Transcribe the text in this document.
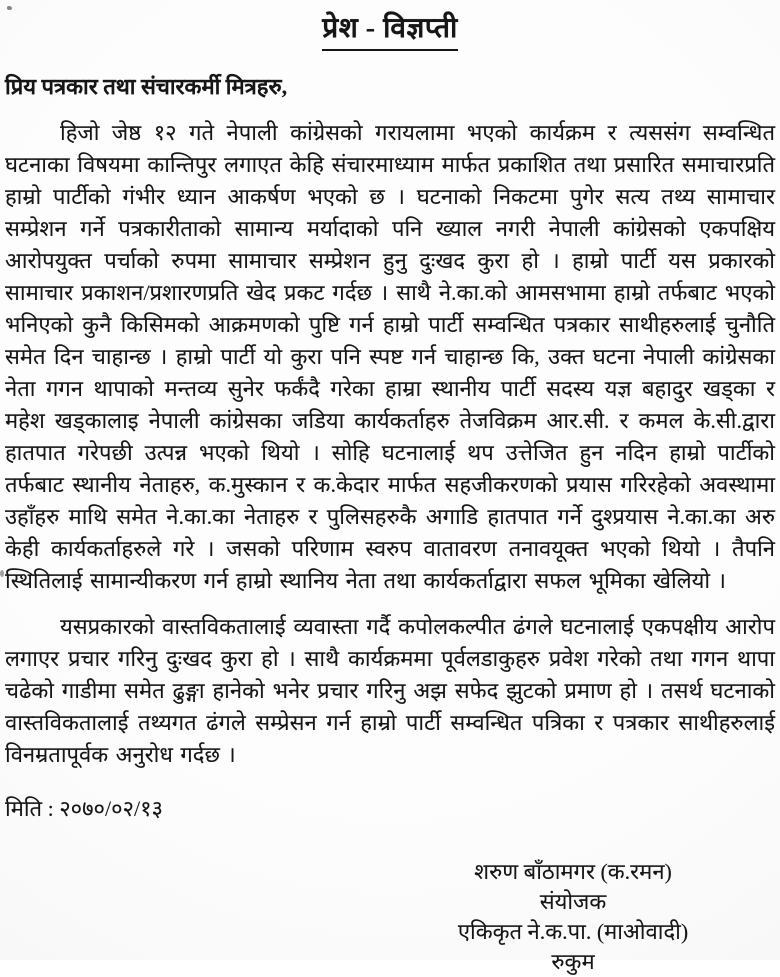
प्रेश - विज्ञप्ती
प्रिय पत्रकार तथा संचारकर्मी मित्रहरु,

हिजो जेष्ठ १२ गते नेपाली कांग्रेसको गरायलामा भएको कार्यक्रम र त्यससंग सम्वन्धित घटनाका विषयमा कान्तिपुर लगाएत केहि संचारमाध्याम मार्फत प्रकाशित तथा प्रसारित समाचारप्रति हाम्रो पार्टीको गंभीर ध्यान आकर्षण भएको छ । घटनाको निकटमा पुगेर सत्य तथ्य सामाचार सम्प्रेशन गर्ने पत्रकारीताको सामान्य मर्यादाको पनि ख्याल नगरी नेपाली कांग्रेसको एकपक्षिय आरोपयुक्त पर्चाको रुपमा सामाचार सम्प्रेशन हुनु दुःखद कुरा हो । हाम्रो पार्टी यस प्रकारको सामाचार प्रकाशन/प्रशारणप्रति खेद प्रकट गर्दछ । साथै ने.का.को आमसभामा हाम्रो तर्फबाट भएको भनिएको कुनै किसिमको आक्रमणको पुष्टि गर्न हाम्रो पार्टी सम्वन्धित पत्रकार साथीहरुलाई चुनौति समेत दिन चाहान्छ । हाम्रो पार्टी यो कुरा पनि स्पष्ट गर्न चाहान्छ कि, उक्त घटना नेपाली कांग्रेसका नेता गगन थापाको मन्तव्य सुनेर फर्कंदै गरेका हाम्रा स्थानीय पार्टी सदस्य यज्ञ बहादुर खड्का र महेश खड्कालाइ नेपाली कांग्रेसका जडिया कार्यकर्ताहरु तेजविक्रम आर.सी. र कमल के.सी.द्वारा हातपात गरेपछी उत्पन्न भएको थियो । सोहि घटनालाई थप उत्तेजित हुन नदिन हाम्रो पार्टीको तर्फबाट स्थानीय नेताहरु, क.मुस्कान र क.केदार मार्फत सहजीकरणको प्रयास गरिरहेको अवस्थामा उहाँहरु माथि समेत ने.का.का नेताहरु र पुलिसहरुकै अगाडि हातपात गर्ने दुश्प्रयास ने.का.का अरु केही कार्यकर्ताहरुले गरे । जसको परिणाम स्वरुप वातावरण तनावयूक्त भएको थियो । तैपनि स्थितिलाई सामान्यीकरण गर्न हाम्रो स्थानिय नेता तथा कार्यकर्ताद्वारा सफल भूमिका खेलियो ।

यसप्रकारको वास्तविकतालाई व्यवास्ता गर्दै कपोलकल्पीत ढंगले घटनालाई एकपक्षीय आरोप लगाएर प्रचार गरिनु दुःखद कुरा हो । साथै कार्यक्रममा पूर्वलडाकुहरु प्रवेश गरेको तथा गगन थापा चढेको गाडीमा समेत ढुङ्गा हानेको भनेर प्रचार गरिनु अझ सफेद झुटको प्रमाण हो । तसर्थ घटनाको वास्तविकतालाई तथ्यगत ढंगले सम्प्रेसन गर्न हाम्रो पार्टी सम्वन्धित पत्रिका र पत्रकार साथीहरुलाई विनम्रतापूर्वक अनुरोध गर्दछ ।

मिति : २०७०/०२/१३
शरुण बाँठामगर (क.रमन)
संयोजक
एकिकृत ने.क.पा. (माओवादी)
रुकुम
